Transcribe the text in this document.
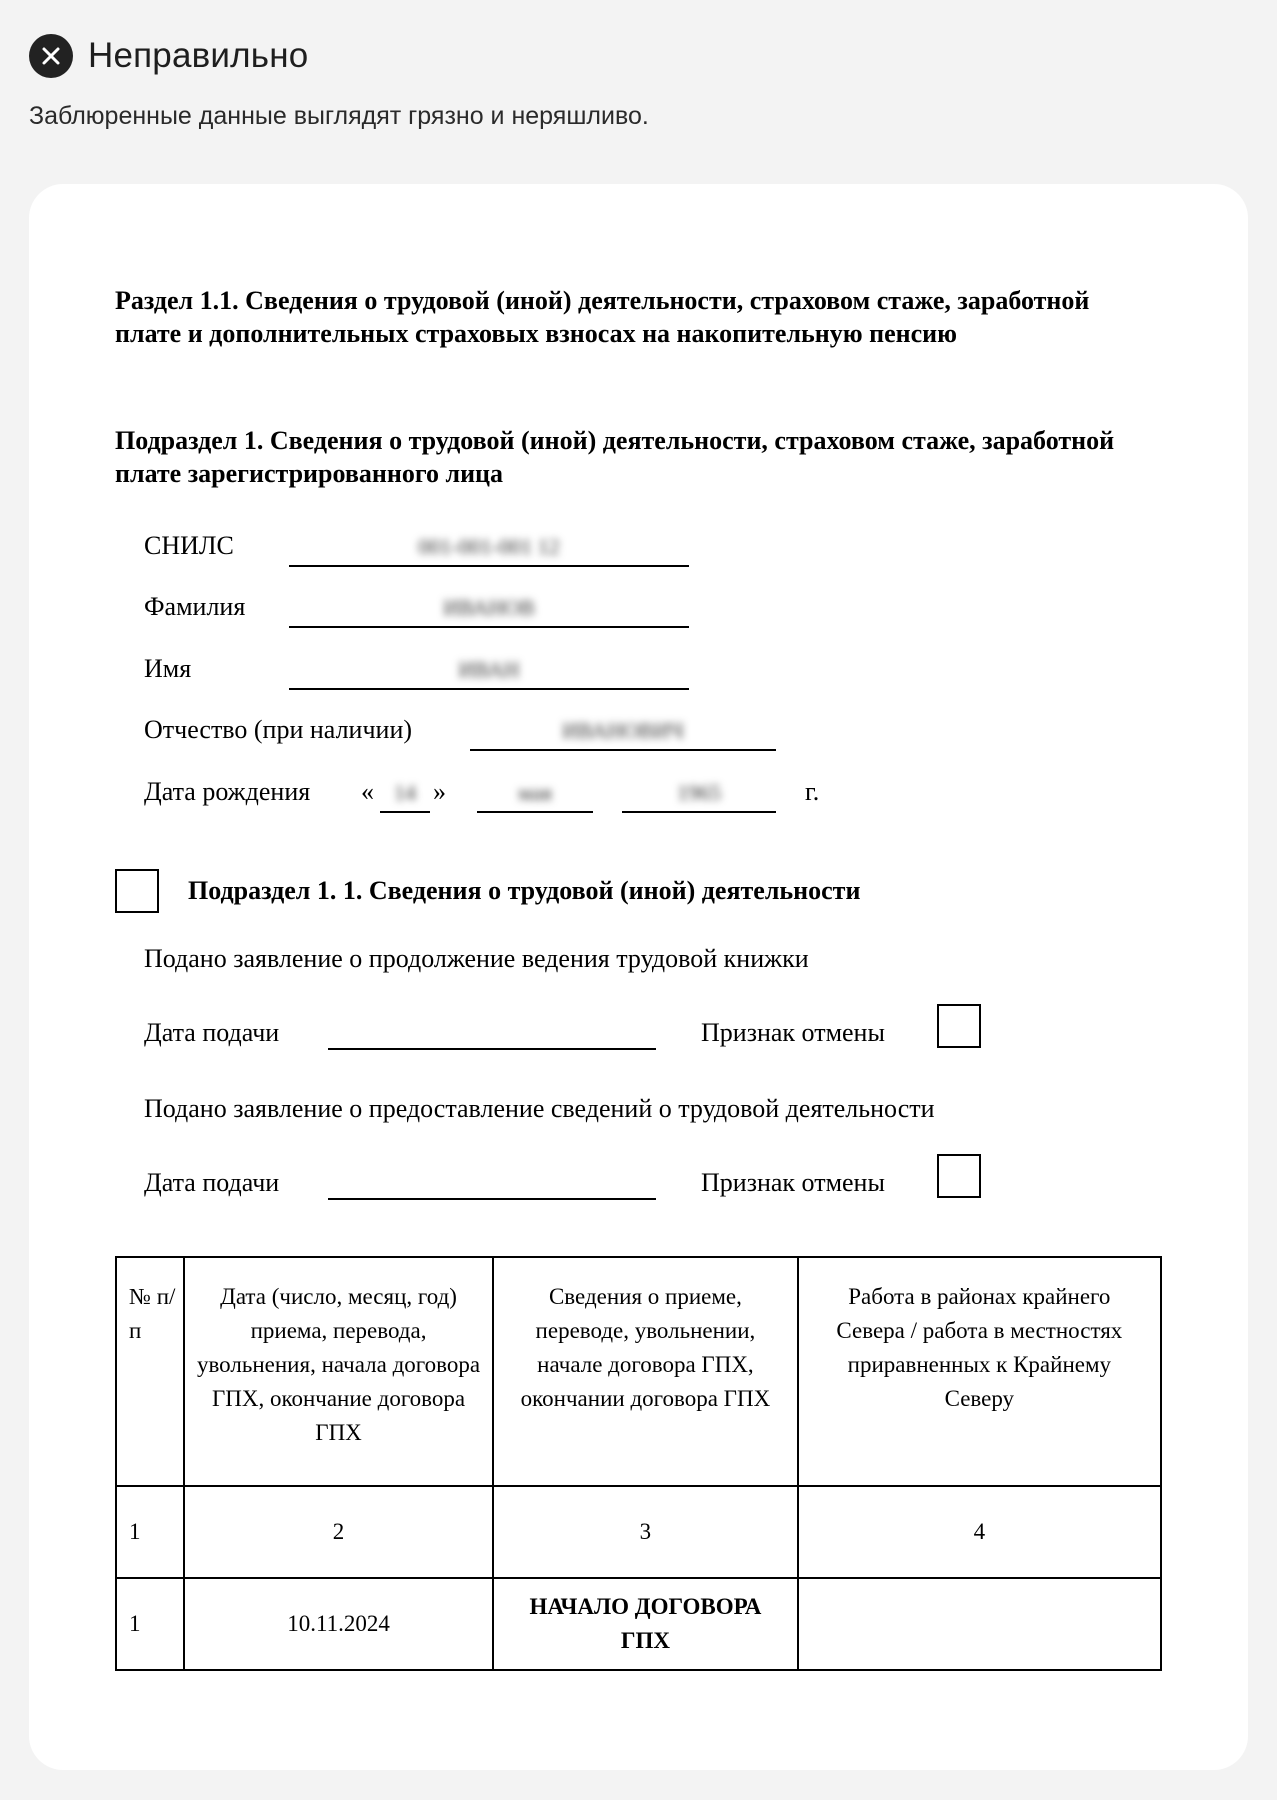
Неправильно
Заблюренные данные выглядят грязно и неряшливо.
Раздел 1.1. Сведения о трудовой (иной) деятельности, страховом стаже, заработной плате и дополнительных страховых взносах на накопительную пенсию
Подраздел 1. Сведения о трудовой (иной) деятельности, страховом стаже, заработной плате зарегистрированного лица
СНИЛС	001-001-001 12
Фамилия	ИВАНОВ
Имя	ИВАН
Отчество (при наличии)	ИВАНОВИЧ
Дата рождения « 14 »	мая	1965	г.
Подраздел 1. 1. Сведения о трудовой (иной) деятельности
Подано заявление о продолжение ведения трудовой книжки
Дата подачи	Признак отмены
Подано заявление о предоставление сведений о трудовой деятельности
Дата подачи	Признак отмены
№ п/п	Дата (число, месяц, год) приема, перевода, увольнения, начала договора ГПХ, окончание договора ГПХ	Сведения о приеме, переводе, увольнении, начале договора ГПХ, окончании договора ГПХ	Работа в районах крайнего Севера / работа в местностях приравненных к Крайнему Северу
1	2	3	4
1	10.11.2024	НАЧАЛО ДОГОВОРА ГПХ	
